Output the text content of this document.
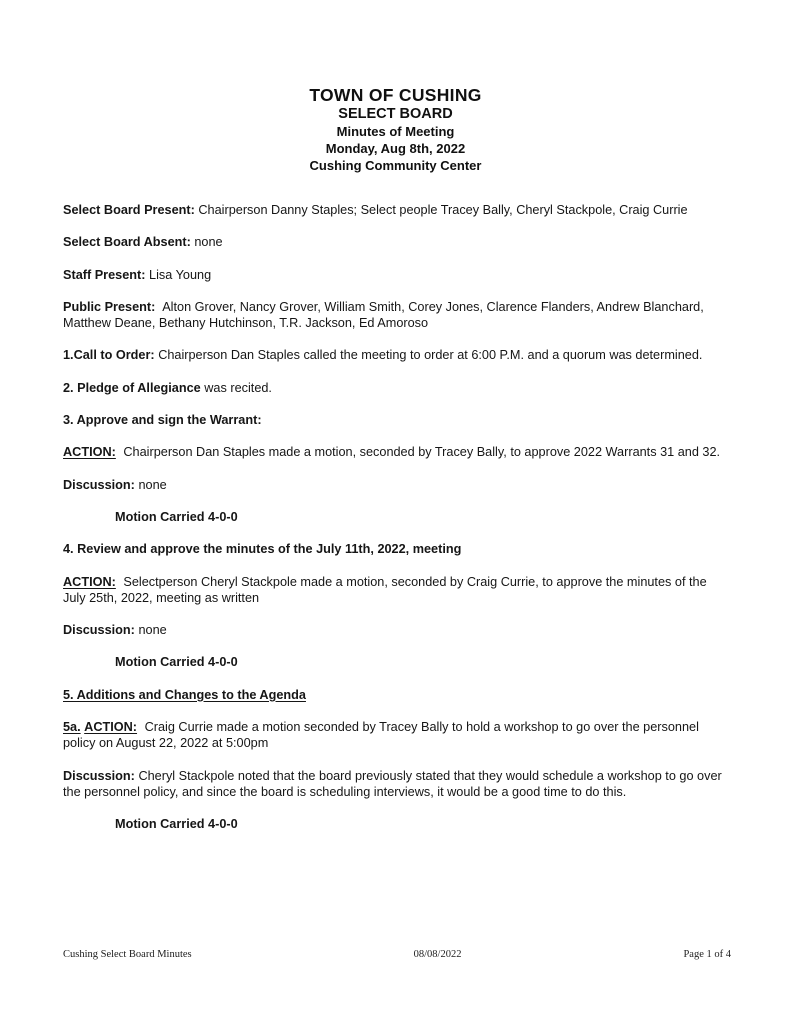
TOWN OF CUSHING
SELECT BOARD
Minutes of Meeting
Monday, Aug 8th, 2022
Cushing Community Center

Select Board Present: Chairperson Danny Staples; Select people Tracey Bally, Cheryl Stackpole, Craig Currie

Select Board Absent: none

Staff Present: Lisa Young

Public Present: Alton Grover, Nancy Grover, William Smith, Corey Jones, Clarence Flanders, Andrew Blanchard, Matthew Deane, Bethany Hutchinson, T.R. Jackson, Ed Amoroso

1.Call to Order: Chairperson Dan Staples called the meeting to order at 6:00 P.M. and a quorum was determined.

2. Pledge of Allegiance was recited.

3. Approve and sign the Warrant:

ACTION: Chairperson Dan Staples made a motion, seconded by Tracey Bally, to approve 2022 Warrants 31 and 32.

Discussion: none

Motion Carried 4-0-0

4. Review and approve the minutes of the July 11th, 2022, meeting

ACTION: Selectperson Cheryl Stackpole made a motion, seconded by Craig Currie, to approve the minutes of the July 25th, 2022, meeting as written

Discussion: none

Motion Carried 4-0-0

5. Additions and Changes to the Agenda

5a. ACTION: Craig Currie made a motion seconded by Tracey Bally to hold a workshop to go over the personnel policy on August 22, 2022 at 5:00pm

Discussion: Cheryl Stackpole noted that the board previously stated that they would schedule a workshop to go over the personnel policy, and since the board is scheduling interviews, it would be a good time to do this.

Motion Carried 4-0-0

Cushing Select Board Minutes	08/08/2022	Page 1 of 4
